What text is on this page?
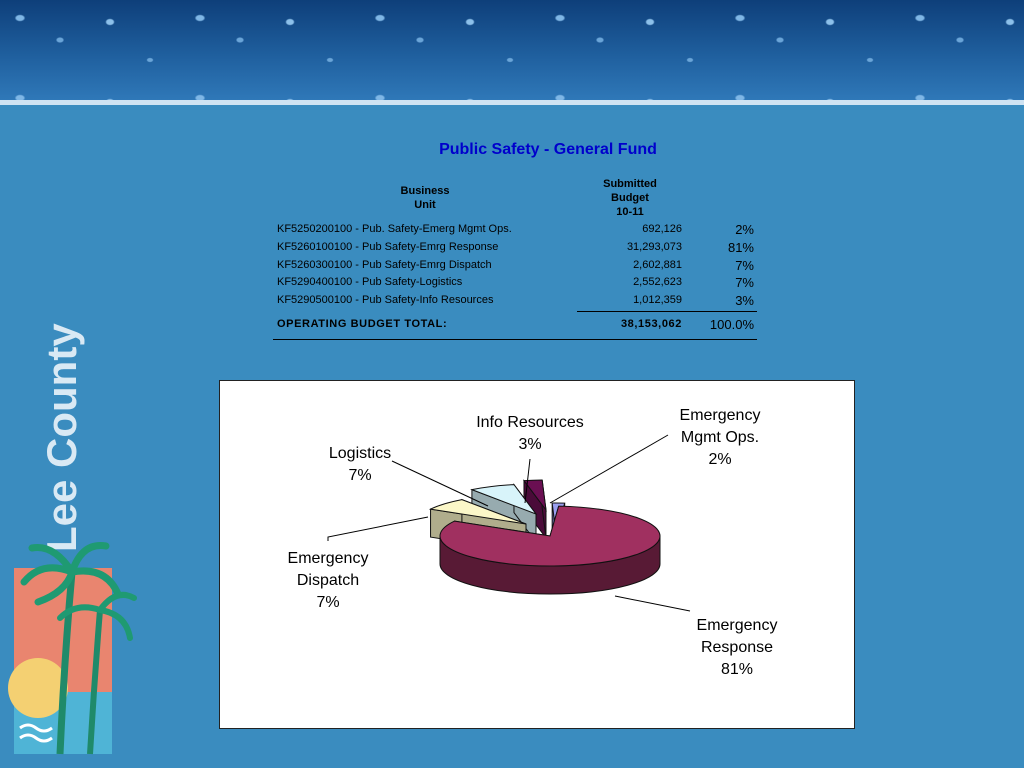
Lee County
Public Safety - General Fund
Business
Unit
Submitted
Budget
10-11
KF5250200100 - Pub. Safety-Emerg Mgmt Ops.	692,126	2%
KF5260100100 - Pub Safety-Emrg Response	31,293,073	81%
KF5260300100 - Pub Safety-Emrg Dispatch	2,602,881	7%
KF5290400100 - Pub Safety-Logistics	2,552,623	7%
KF5290500100 - Pub Safety-Info Resources	1,012,359	3%
OPERATING BUDGET TOTAL:	38,153,062 100.0%
Emergency Mgmt Ops. 2%
Emergency Response 81%
Emergency Dispatch 7%
Logistics 7%
Info Resources 3%
